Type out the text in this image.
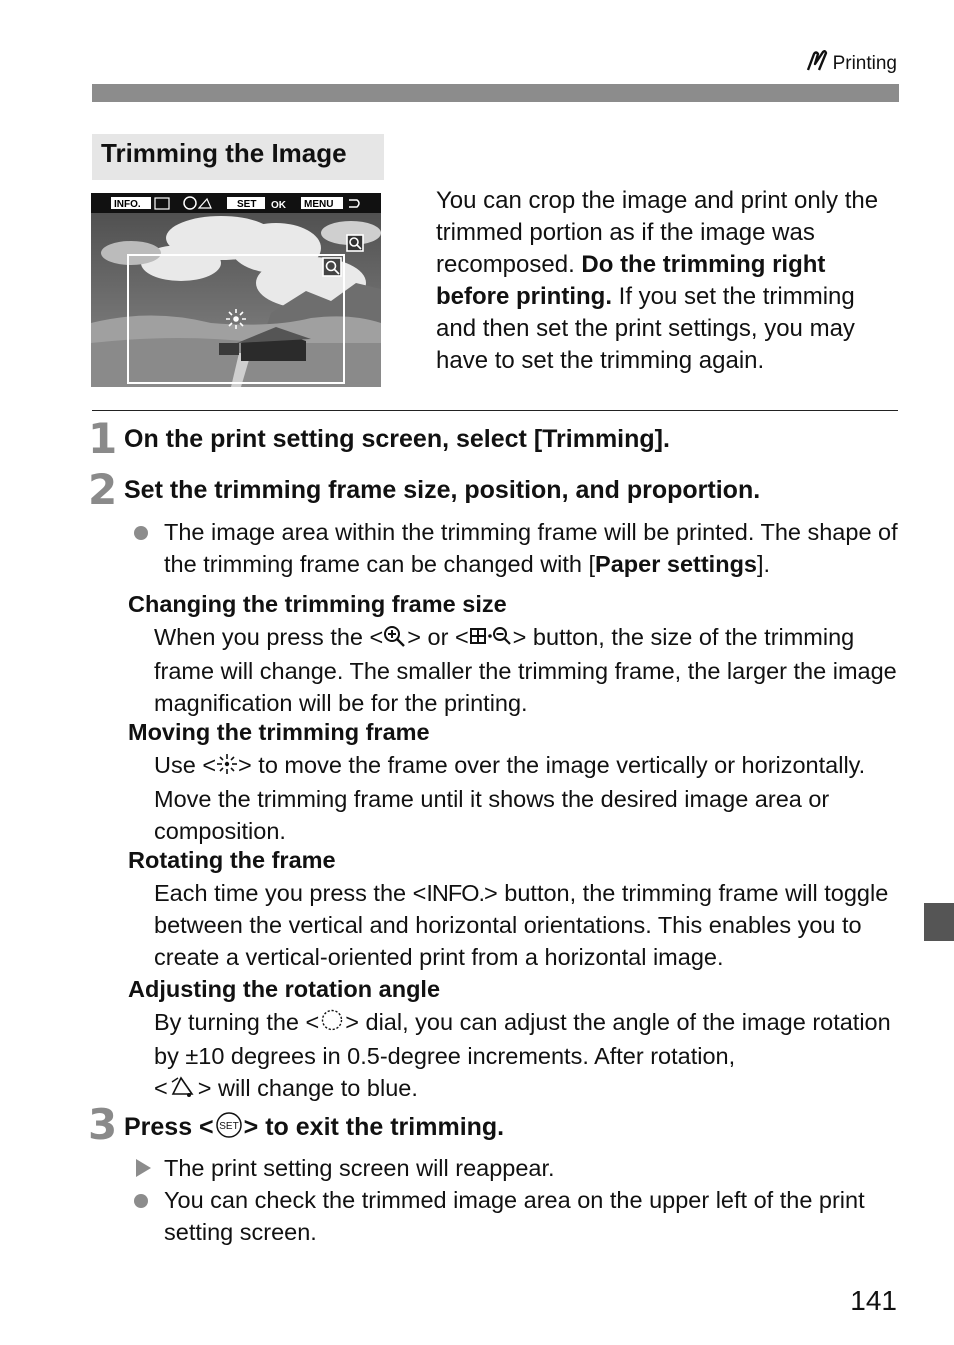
Printing
Trimming the Image
INFO.	SET OK MENU	You can crop the image and print only the trimmed portion as if the image was recomposed. Do the trimming right before printing. If you set the trimming and then set the print settings, you may have to set the trimming again.
1 On the print setting screen, select [Trimming].
2 Set the trimming frame size, position, and proportion.
The image area within the trimming frame will be printed. The shape of the trimming frame can be changed with [Paper settings].
Changing the trimming frame size
When you press the < > or < > button, the size of the trimming frame will change. The smaller the trimming frame, the larger the image magnification will be for the printing.
Moving the trimming frame
Use < > to move the frame over the image vertically or horizontally. Move the trimming frame until it shows the desired image area or composition.
Rotating the frame
Each time you press the <INFO.> button, the trimming frame will toggle between the vertical and horizontal orientations. This enables you to create a vertical-oriented print from a horizontal image.
Adjusting the rotation angle
By turning the < > dial, you can adjust the angle of the image rotation by ±10 degrees in 0.5-degree increments. After rotation,
< > will change to blue.
3 Press < SET > to exit the trimming.
The print setting screen will reappear.
You can check the trimmed image area on the upper left of the print setting screen.
141
